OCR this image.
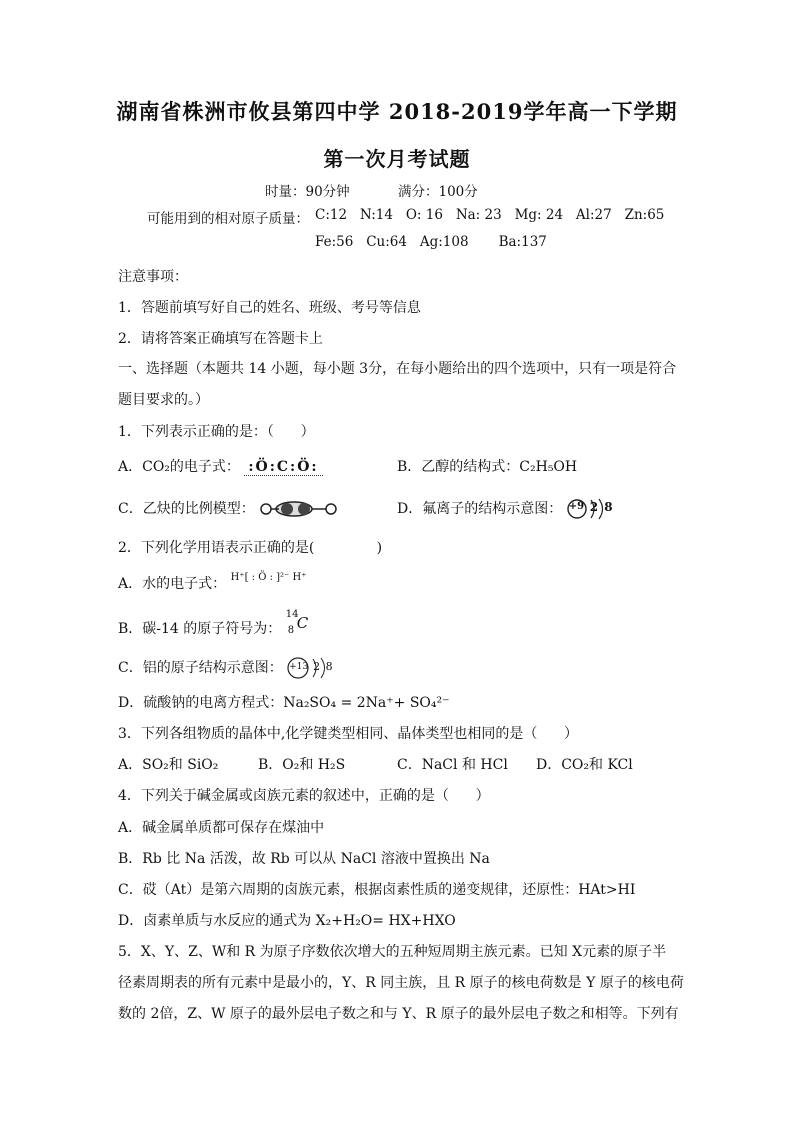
湖南省株洲市攸县第四中学 2018-2019学年高一下学期
第一次月考试题
时量：90分钟	满分：100分
可能用到的相对原子质量： C:12   N:14   O: 16   Na: 23   Mg: 24   Al:27   Zn:65
Fe:56   Cu:64   Ag:108       Ba:137
注意事项：
1．答题前填写好自己的姓名、班级、考号等信息
2．请将答案正确填写在答题卡上
一、选择题（本题共 14 小题，每小题 3分，在每小题给出的四个选项中，只有一项是符合
题目要求的。）
1．下列表示正确的是：（      ）
A．CO₂的电子式： :Ö:C:Ö:	B．乙醇的结构式：C₂H₅OH
C．乙炔的比例模型：	D．氟离子的结构示意图： +9 2 8
2．下列化学用语表示正确的是(              )
A．水的电子式： $^{H^+[ : Ö : ]^{2-} H^+}$
B．碳-14 的原子符号为：
14
8 C
C．铝的原子结构示意图： +13 2 8
D．硫酸钠的电离方程式：Na₂SO₄ = 2Na⁺+ SO₄²⁻
3．下列各组物质的晶体中,化学键类型相同、晶体类型也相同的是（      ）
A．SO₂和 SiO₂	B．O₂和 H₂S	C．NaCl 和 HCl D．CO₂和 KCl
4．下列关于碱金属或卤族元素的叙述中，正确的是（      ）
A．碱金属单质都可保存在煤油中
B．Rb 比 Na 活泼，故 Rb 可以从 NaCl 溶液中置换出 Na
C．砹（At）是第六周期的卤族元素，根据卤素性质的递变规律，还原性：HAt>HI
D．卤素单质与水反应的通式为 X₂+H₂O= HX+HXO
5．X、Y、Z、W和 R 为原子序数依次增大的五种短周期主族元素。已知 X元素的原子半
径素周期表的所有元素中是最小的，Y、R 同主族，且 R 原子的核电荷数是 Y 原子的核电荷
数的 2倍，Z、W 原子的最外层电子数之和与 Y、R 原子的最外层电子数之和相等。下列有
